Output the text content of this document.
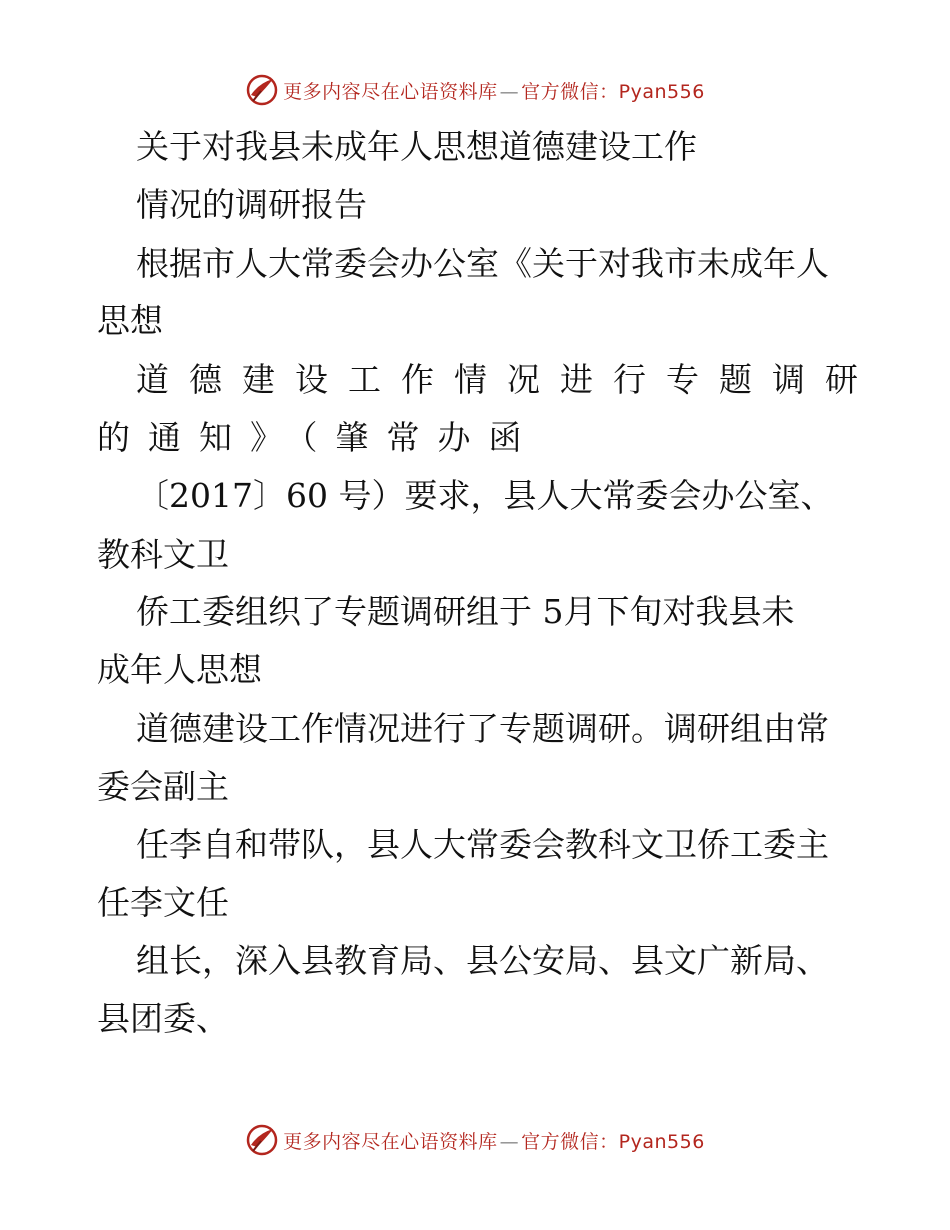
更多内容尽在心语资料库 — 官方微信：Pyan556
关于对我县未成年人思想道德建设工作
情况的调研报告
根据市人大常委会办公室《关于对我市未成年人
思想
道德建设工作情况进行专题调研
的通知》（肇常办函
〔2017〕60 号）要求，县人大常委会办公室、
教科文卫
侨工委组织了专题调研组于 5月下旬对我县未
成年人思想
道德建设工作情况进行了专题调研。调研组由常
委会副主
任李自和带队，县人大常委会教科文卫侨工委主
任李文任
组长，深入县教育局、县公安局、县文广新局、
县团委、
更多内容尽在心语资料库 — 官方微信：Pyan556
